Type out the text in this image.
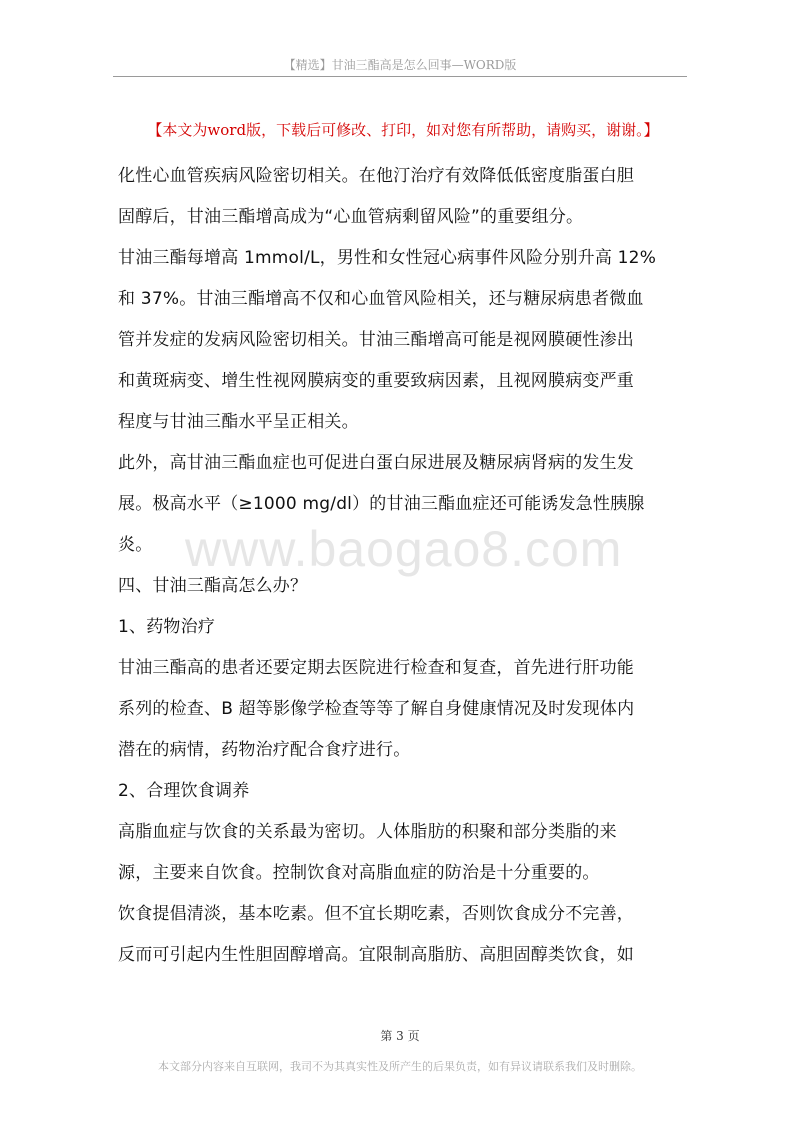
【精选】甘油三酯高是怎么回事—WORD版
【本文为word版，下载后可修改、打印，如对您有所帮助，请购买，谢谢。】
www.baogao8.com

化性心血管疾病风险密切相关。在他汀治疗有效降低低密度脂蛋白胆

固醇后，甘油三酯增高成为“心血管病剩留风险”的重要组分。

甘油三酯每增高 1mmol/L，男性和女性冠心病事件风险分别升高 12%

和 37%。甘油三酯增高不仅和心血管风险相关，还与糖尿病患者微血

管并发症的发病风险密切相关。甘油三酯增高可能是视网膜硬性渗出

和黄斑病变、增生性视网膜病变的重要致病因素，且视网膜病变严重

程度与甘油三酯水平呈正相关。

此外，高甘油三酯血症也可促进白蛋白尿进展及糖尿病肾病的发生发

展。极高水平（≥1000 mg/dl）的甘油三酯血症还可能诱发急性胰腺

炎。

四、甘油三酯高怎么办？

1、药物治疗

甘油三酯高的患者还要定期去医院进行检查和复查，首先进行肝功能

系列的检查、B 超等影像学检查等等了解自身健康情况及时发现体内

潜在的病情，药物治疗配合食疗进行。

2、合理饮食调养

高脂血症与饮食的关系最为密切。人体脂肪的积聚和部分类脂的来

源，主要来自饮食。控制饮食对高脂血症的防治是十分重要的。

饮食提倡清淡，基本吃素。但不宜长期吃素，否则饮食成分不完善，

反而可引起内生性胆固醇增高。宜限制高脂肪、高胆固醇类饮食，如

第 3 页
本文部分内容来自互联网，我司不为其真实性及所产生的后果负责，如有异议请联系我们及时删除。
